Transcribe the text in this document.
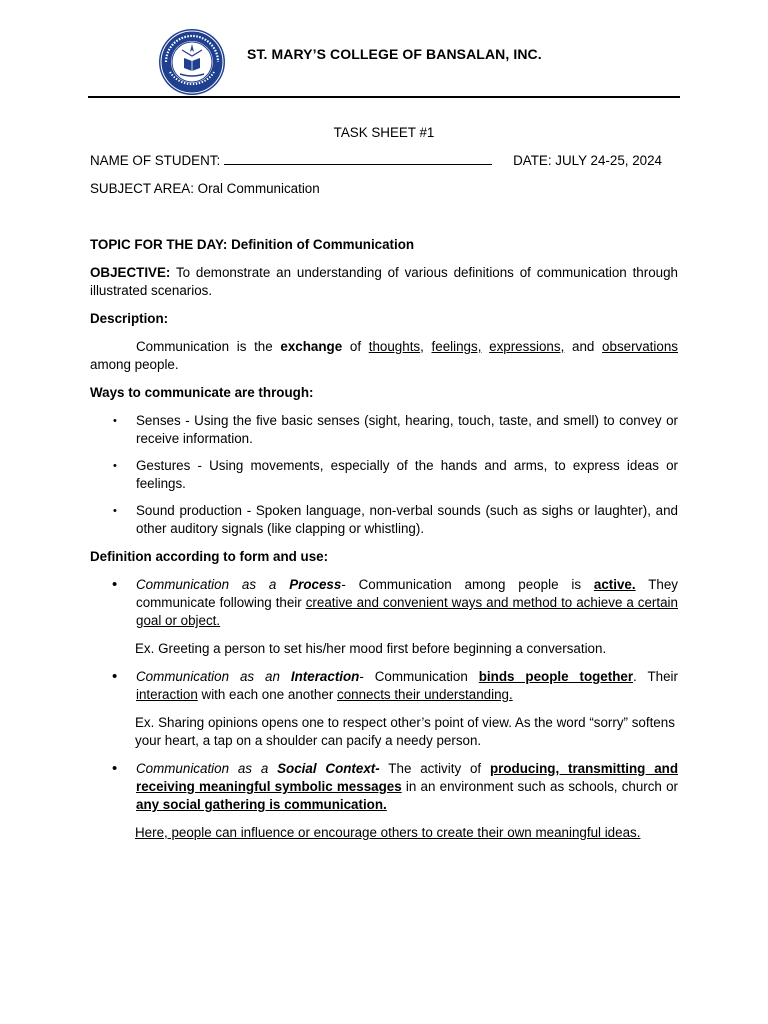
ST. MARY’S COLLEGE OF BANSALAN, INC.

TASK SHEET #1

NAME OF STUDENT:	DATE: JULY 24-25, 2024

SUBJECT AREA: Oral Communication

TOPIC FOR THE DAY: Definition of Communication

OBJECTIVE: To demonstrate an understanding of various definitions of communication through illustrated scenarios.

Description:

Communication is the exchange of thoughts, feelings, expressions, and observations among people.

Ways to communicate are through:

• Senses - Using the five basic senses (sight, hearing, touch, taste, and smell) to convey or receive information.
• Gestures - Using movements, especially of the hands and arms, to express ideas or feelings.
• Sound production - Spoken language, non-verbal sounds (such as sighs or laughter), and other auditory signals (like clapping or whistling).

Definition according to form and use:

• Communication as a Process- Communication among people is active. They communicate following their creative and convenient ways and method to achieve a certain goal or object.

Ex. Greeting a person to set his/her mood first before beginning a conversation.

• Communication as an Interaction- Communication binds people together. Their interaction with each one another connects their understanding.

Ex. Sharing opinions opens one to respect other’s point of view. As the word “sorry” softens your heart, a tap on a shoulder can pacify a needy person.

• Communication as a Social Context- The activity of producing, transmitting and receiving meaningful symbolic messages in an environment such as schools, church or any social gathering is communication.

Here, people can influence or encourage others to create their own meaningful ideas.
